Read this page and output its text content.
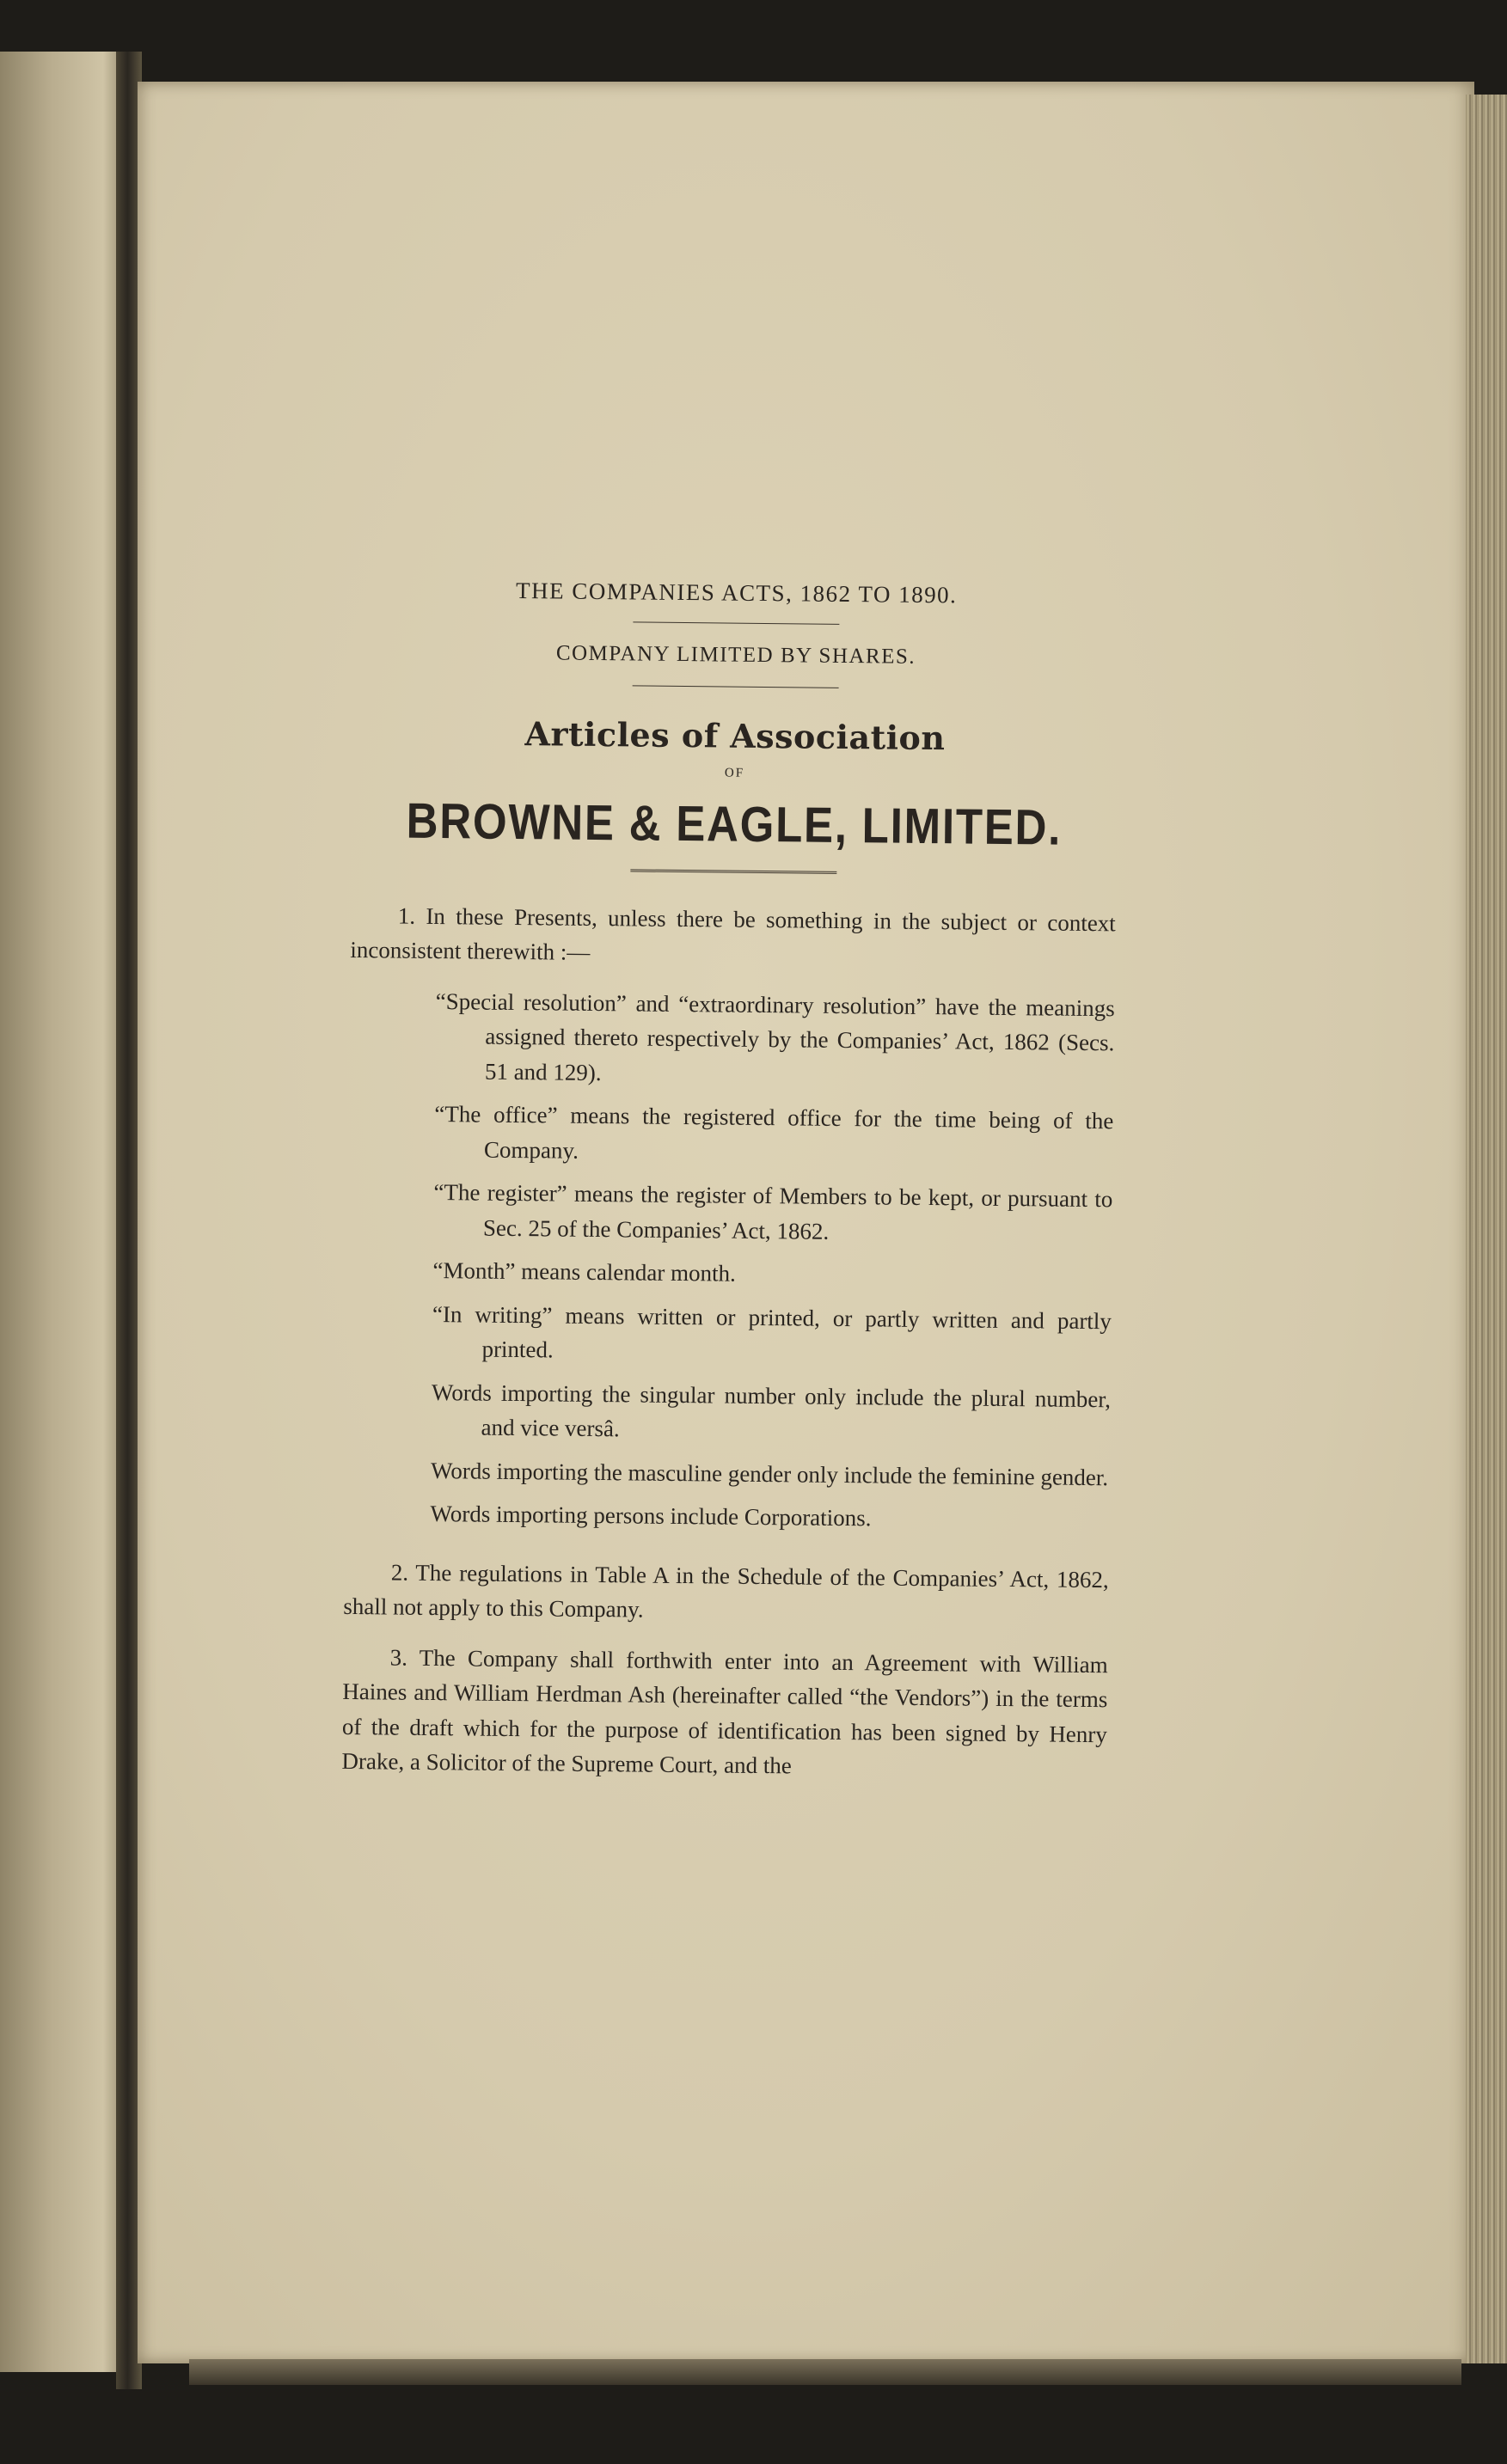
THE COMPANIES ACTS, 1862 TO 1890.
COMPANY LIMITED BY SHARES.
Articles of Association
OF
BROWNE & EAGLE, LIMITED.

1. In these Presents, unless there be something in the subject or context inconsistent therewith :—

“Special resolution” and “extraordinary resolution” have the meanings assigned thereto respectively by the Companies’ Act, 1862 (Secs. 51 and 129).

“The office” means the registered office for the time being of the Company.

“The register” means the register of Members to be kept, or pursuant to Sec. 25 of the Companies’ Act, 1862.

“Month” means calendar month.

“In writing” means written or printed, or partly written and partly printed.

Words importing the singular number only include the plural number, and vice versâ.

Words importing the masculine gender only include the feminine gender.

Words importing persons include Corporations.

2. The regulations in Table A in the Schedule of the Companies’ Act, 1862, shall not apply to this Company.

3. The Company shall forthwith enter into an Agreement with William Haines and William Herdman Ash (hereinafter called “the Vendors”) in the terms of the draft which for the purpose of identification has been signed by Henry Drake, a Solicitor of the Supreme Court, and the
